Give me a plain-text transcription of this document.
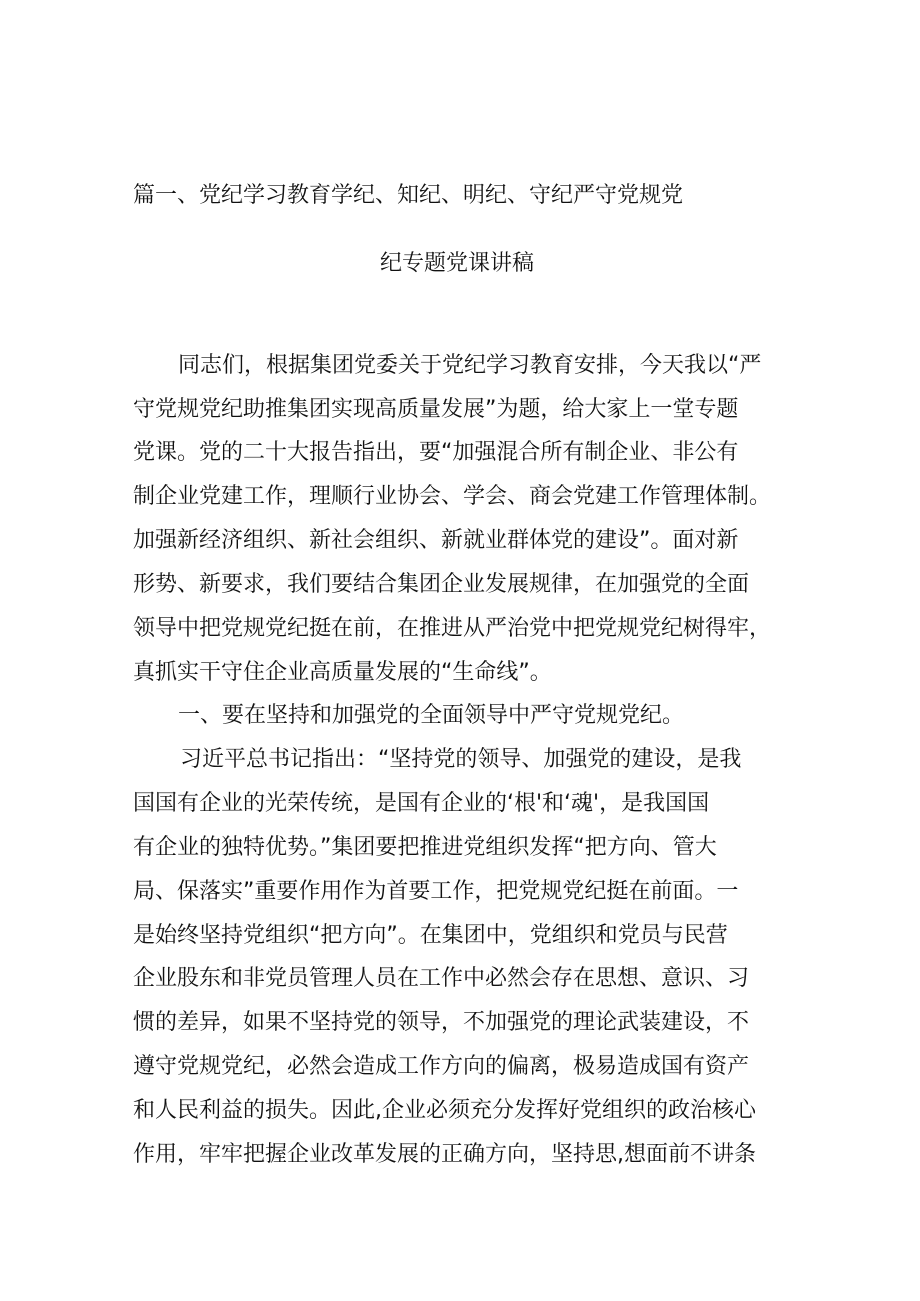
篇一、党纪学习教育学纪、知纪、明纪、守纪严守党规党
纪专题党课讲稿
同志们，根据集团党委关于党纪学习教育安排，今天我以“严
守党规党纪助推集团实现高质量发展”为题，给大家上一堂专题
党课。党的二十大报告指出，要“加强混合所有制企业、非公有
制企业党建工作，理顺行业协会、学会、商会党建工作管理体制。
加强新经济组织、新社会组织、新就业群体党的建设”。面对新
形势、新要求，我们要结合集团企业发展规律，在加强党的全面
领导中把党规党纪挺在前，在推进从严治党中把党规党纪树得牢，
真抓实干守住企业高质量发展的“生命线”。
一、要在坚持和加强党的全面领导中严守党规党纪。
习近平总书记指出：“坚持党的领导、加强党的建设，是我
国国有企业的光荣传统，是国有企业的‘根'和‘魂'，是我国国
有企业的独特优势。”集团要把推进党组织发挥“把方向、管大
局、保落实”重要作用作为首要工作，把党规党纪挺在前面。一
是始终坚持党组织“把方向”。在集团中，党组织和党员与民营
企业股东和非党员管理人员在工作中必然会存在思想、意识、习
惯的差异，如果不坚持党的领导，不加强党的理论武装建设，不
遵守党规党纪，必然会造成工作方向的偏离，极易造成国有资产
和人民利益的损失。因此,企业必须充分发挥好党组织的政治核心
作用，牢牢把握企业改革发展的正确方向，坚持思,想面前不讲条
